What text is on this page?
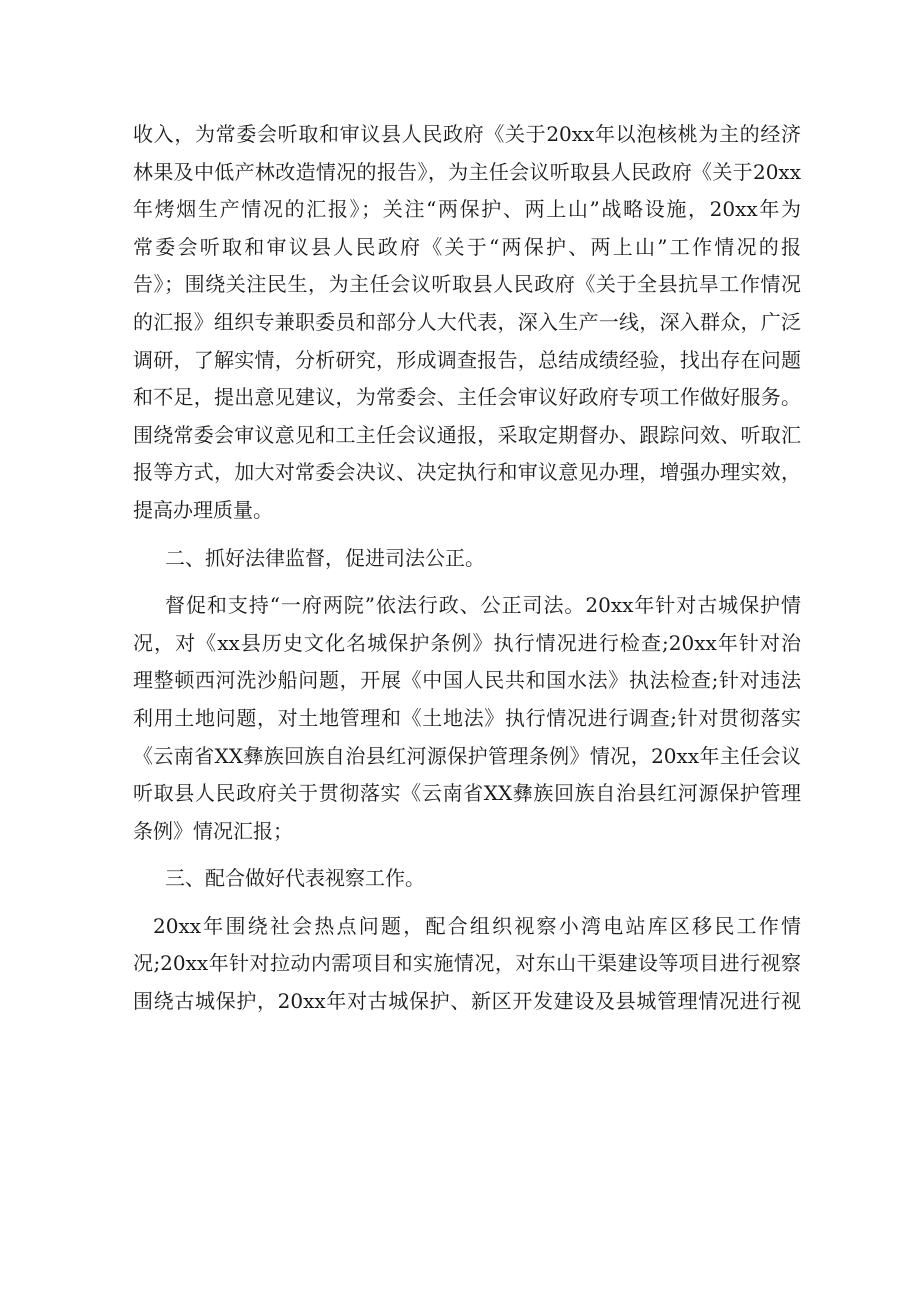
收入，为常委会听取和审议县人民政府《关于20xx年以泡核桃为主的经济
林果及中低产林改造情况的报告》，为主任会议听取县人民政府《关于20xx
年烤烟生产情况的汇报》；关注“两保护、两上山”战略设施，20xx年为
常委会听取和审议县人民政府《关于“两保护、两上山”工作情况的报
告》；围绕关注民生，为主任会议听取县人民政府《关于全县抗旱工作情况
的汇报》组织专兼职委员和部分人大代表，深入生产一线，深入群众，广泛
调研，了解实情，分析研究，形成调查报告，总结成绩经验，找出存在问题
和不足，提出意见建议，为常委会、主任会审议好政府专项工作做好服务。
围绕常委会审议意见和工主任会议通报，采取定期督办、跟踪问效、听取汇
报等方式，加大对常委会决议、决定执行和审议意见办理，增强办理实效，
提高办理质量。
二、抓好法律监督，促进司法公正。
督促和支持“一府两院”依法行政、公正司法。20xx年针对古城保护情
况，对《xx县历史文化名城保护条例》执行情况进行检查;20xx年针对治
理整顿西河洗沙船问题，开展《中国人民共和国水法》执法检查;针对违法
利用土地问题，对土地管理和《土地法》执行情况进行调查;针对贯彻落实
《云南省XX彝族回族自治县红河源保护管理条例》情况，20xx年主任会议
听取县人民政府关于贯彻落实《云南省XX彝族回族自治县红河源保护管理
条例》情况汇报；
三、配合做好代表视察工作。
20xx年围绕社会热点问题，配合组织视察小湾电站库区移民工作情
况;20xx年针对拉动内需项目和实施情况，对东山干渠建设等项目进行视察
围绕古城保护，20xx年对古城保护、新区开发建设及县城管理情况进行视
